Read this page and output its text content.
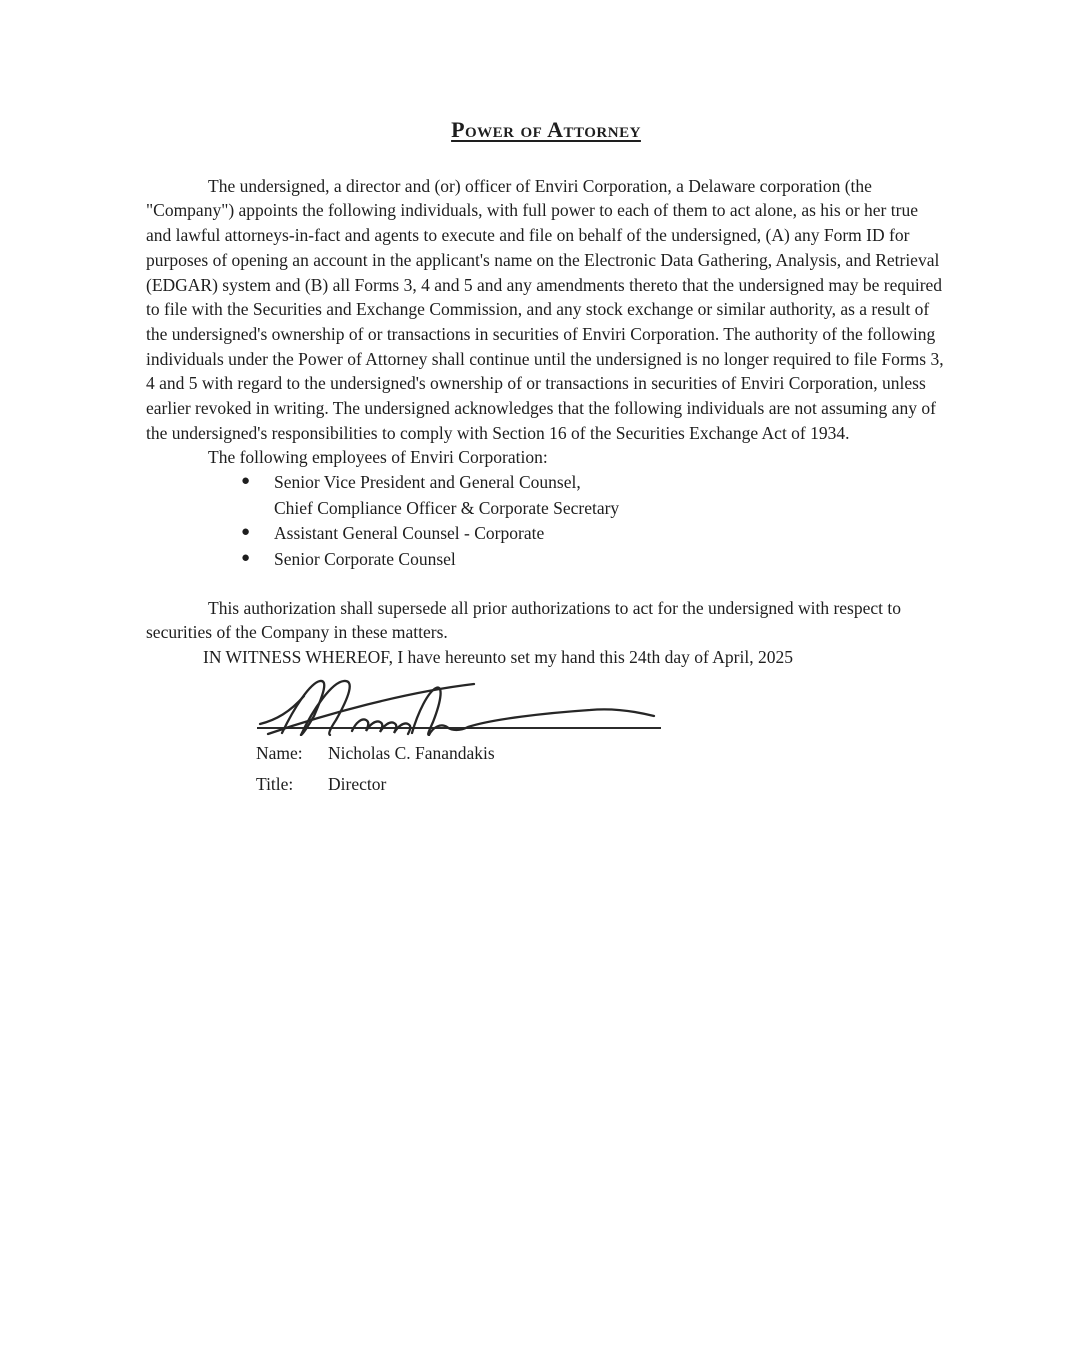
Power of Attorney

The undersigned, a director and (or) officer of Enviri Corporation, a Delaware corporation (the "Company") appoints the following individuals, with full power to each of them to act alone, as his or her true and lawful attorneys-in-fact and agents to execute and file on behalf of the undersigned, (A) any Form ID for purposes of opening an account in the applicant's name on the Electronic Data Gathering, Analysis, and Retrieval (EDGAR) system and (B) all Forms 3, 4 and 5 and any amendments thereto that the undersigned may be required to file with the Securities and Exchange Commission, and any stock exchange or similar authority, as a result of the undersigned's ownership of or transactions in securities of Enviri Corporation. The authority of the following individuals under the Power of Attorney shall continue until the undersigned is no longer required to file Forms 3, 4 and 5 with regard to the undersigned's ownership of or transactions in securities of Enviri Corporation, unless earlier revoked in writing. The undersigned acknowledges that the following individuals are not assuming any of the undersigned's responsibilities to comply with Section 16 of the Securities Exchange Act of 1934.

The following employees of Enviri Corporation:

● Senior Vice President and General Counsel,
Chief Compliance Officer & Corporate Secretary
● Assistant General Counsel - Corporate
● Senior Corporate Counsel

This authorization shall supersede all prior authorizations to act for the undersigned with respect to securities of the Company in these matters.

IN WITNESS WHEREOF, I have hereunto set my hand this 24th day of April, 2025

Name:	Nicholas C. Fanandakis
Title:	Director
